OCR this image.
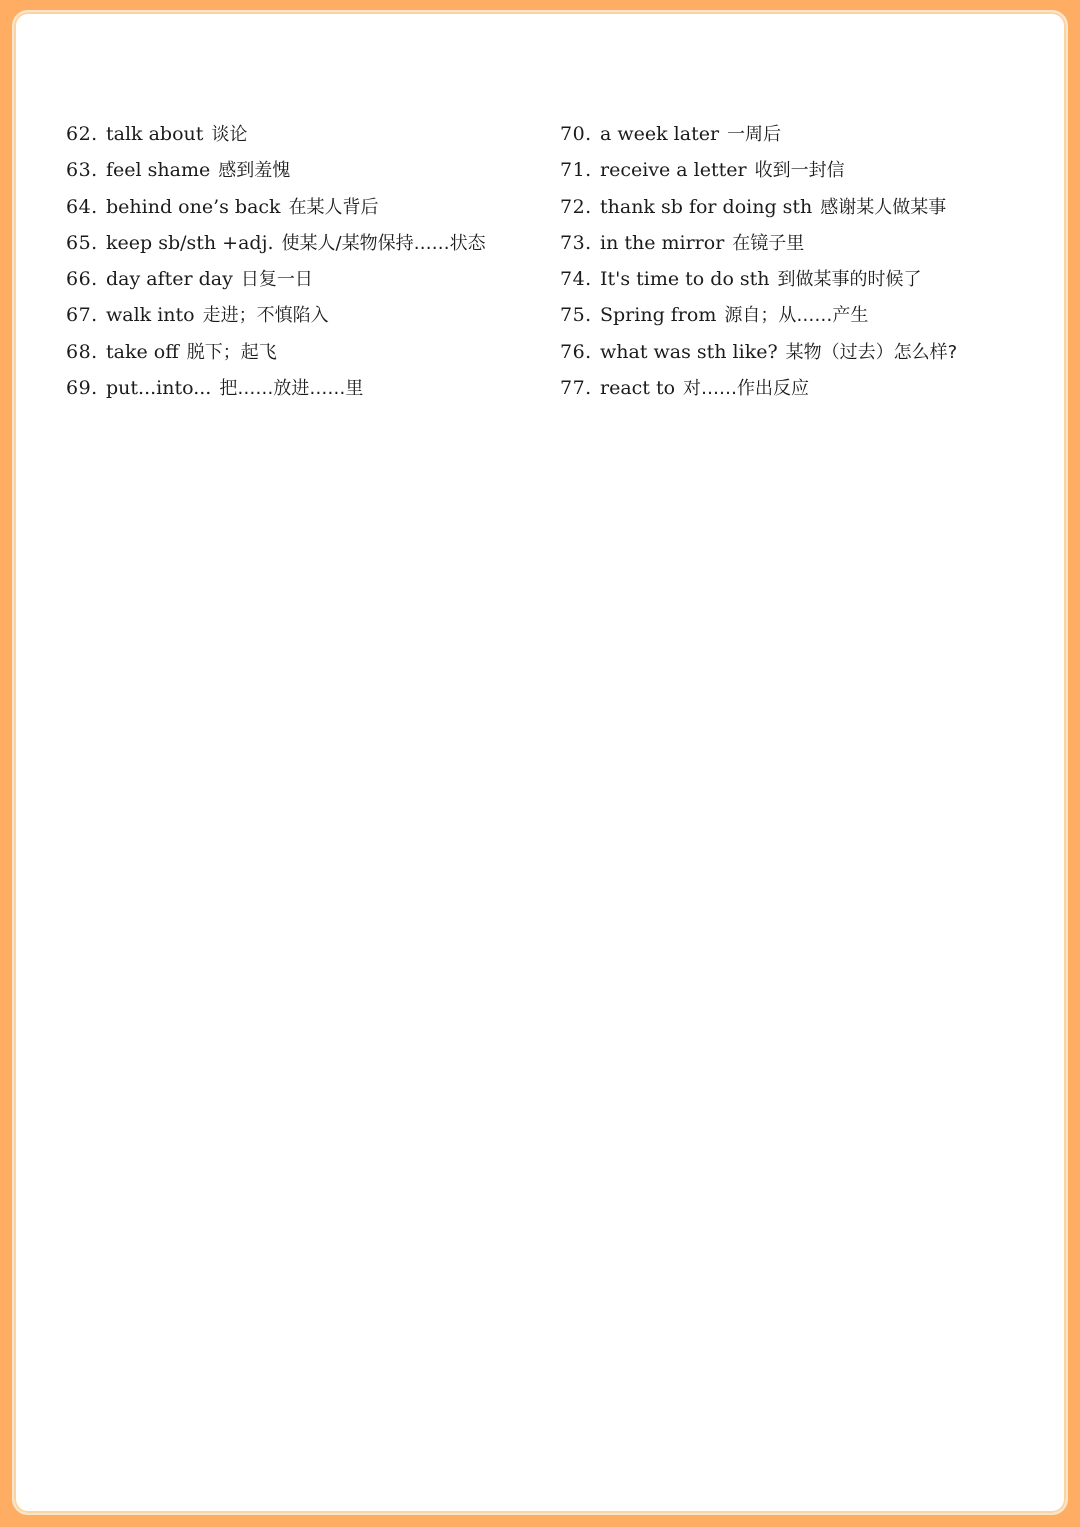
62. talk about 谈论
63. feel shame 感到羞愧
64. behind one’s back 在某人背后
65. keep sb/sth +adj. 使某人/某物保持……状态
66. day after day 日复一日
67. walk into 走进；不慎陷入
68. take off 脱下；起飞
69. put...into... 把……放进……里
70. a week later 一周后
71. receive a letter 收到一封信
72. thank sb for doing sth 感谢某人做某事
73. in the mirror 在镜子里
74. It's time to do sth 到做某事的时候了
75. Spring from 源自；从……产生
76. what was sth like? 某物（过去）怎么样?
77. react to 对……作出反应
